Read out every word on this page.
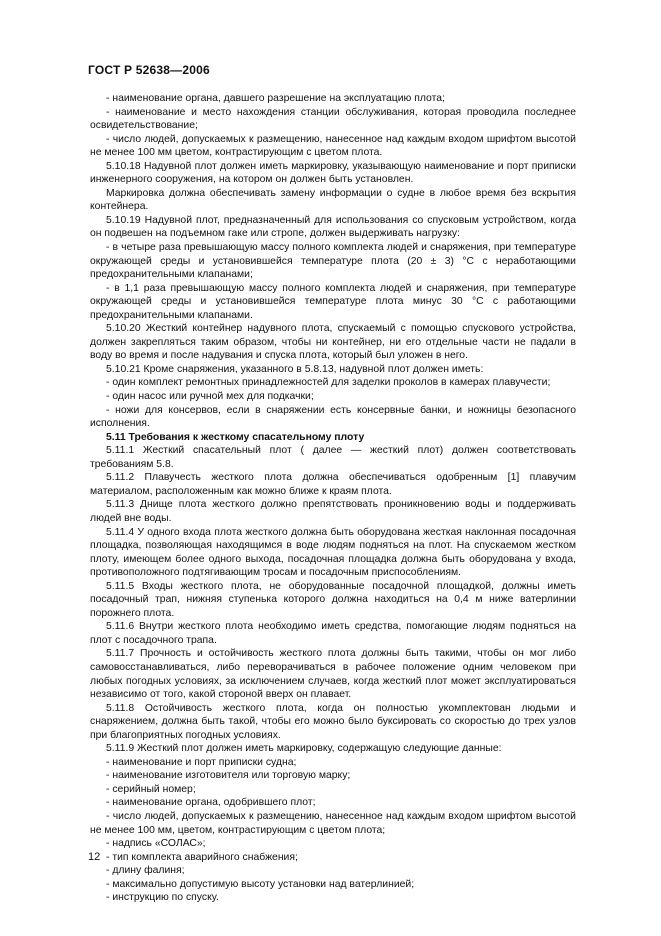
ГОСТ Р 52638—2006

- наименование органа, давшего разрешение на эксплуатацию плота;

- наименование и место нахождения станции обслуживания, которая проводила последнее освидетельствование;

- число людей, допускаемых к размещению, нанесенное над каждым входом шрифтом высотой не менее 100 мм цветом, контрастирующим с цветом плота.

5.10.18 Надувной плот должен иметь маркировку, указывающую наименование и порт приписки инженерного сооружения, на котором он должен быть установлен.

Маркировка должна обеспечивать замену информации о судне в любое время без вскрытия контейнера.

5.10.19 Надувной плот, предназначенный для использования со спусковым устройством, когда он подвешен на подъемном гаке или стропе, должен выдерживать нагрузку:

- в четыре раза превышающую массу полного комплекта людей и снаряжения, при температуре окружающей среды и установившейся температуре плота (20 ± 3) °С с неработающими предохранительными клапанами;

- в 1,1 раза превышающую массу полного комплекта людей и снаряжения, при температуре окружающей среды и установившейся температуре плота минус 30 °С с работающими предохранительными клапанами.

5.10.20 Жесткий контейнер надувного плота, спускаемый с помощью спускового устройства, должен закрепляться таким образом, чтобы ни контейнер, ни его отдельные части не падали в воду во время и после надувания и спуска плота, который был уложен в него.

5.10.21 Кроме снаряжения, указанного в 5.8.13, надувной плот должен иметь:

- один комплект ремонтных принадлежностей для заделки проколов в камерах плавучести;

- один насос или ручной мех для подкачки;

- ножи для консервов, если в снаряжении есть консервные банки, и ножницы безопасного исполнения.

5.11 Требования к жесткому спасательному плоту

5.11.1 Жесткий спасательный плот ( далее — жесткий плот) должен соответствовать требованиям 5.8.

5.11.2 Плавучесть жесткого плота должна обеспечиваться одобренным [1] плавучим материалом, расположенным как можно ближе к краям плота.

5.11.3 Днище плота жесткого должно препятствовать проникновению воды и поддерживать людей вне воды.

5.11.4 У одного входа плота жесткого должна быть оборудована жесткая наклонная посадочная площадка, позволяющая находящимся в воде людям подняться на плот. На спускаемом жестком плоту, имеющем более одного выхода, посадочная площадка должна быть оборудована у входа, противоположного подтягивающим тросам и посадочным приспособлениям.

5.11.5 Входы жесткого плота, не оборудованные посадочной площадкой, должны иметь посадочный трап, нижняя ступенька которого должна находиться на 0,4 м ниже ватерлинии порожнего плота.

5.11.6 Внутри жесткого плота необходимо иметь средства, помогающие людям подняться на плот с посадочного трапа.

5.11.7 Прочность и остойчивость жесткого плота должны быть такими, чтобы он мог либо самовосстанавливаться, либо переворачиваться в рабочее положение одним человеком при любых погодных условиях, за исключением случаев, когда жесткий плот может эксплуатироваться независимо от того, какой стороной вверх он плавает.

5.11.8 Остойчивость жесткого плота, когда он полностью укомплектован людьми и снаряжением, должна быть такой, чтобы его можно было буксировать со скоростью до трех узлов при благоприятных погодных условиях.

5.11.9 Жесткий плот должен иметь маркировку, содержащую следующие данные:

- наименование и порт приписки судна;

- наименование изготовителя или торговую марку;

- серийный номер;

- наименование органа, одобрившего плот;

- число людей, допускаемых к размещению, нанесенное над каждым входом шрифтом высотой не менее 100 мм, цветом, контрастирующим с цветом плота;

- надпись «СОЛАС»;

- тип комплекта аварийного снабжения;

- длину фалиня;

- максимально допустимую высоту установки над ватерлинией;

- инструкцию по спуску.

12
